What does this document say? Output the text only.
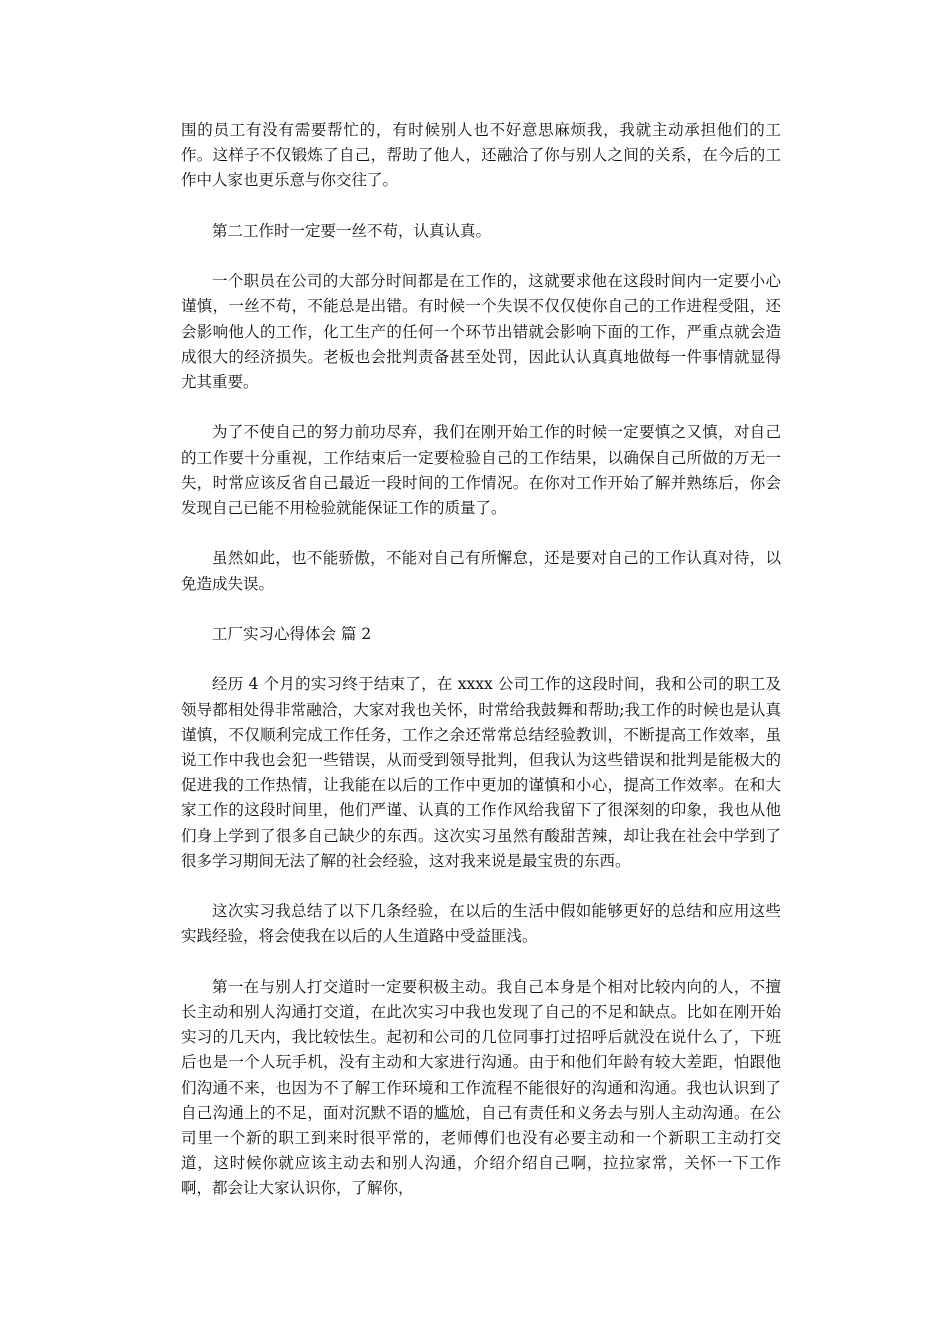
围的员工有没有需要帮忙的，有时候别人也不好意思麻烦我，我就主动承担他们的工作。这样子不仅锻炼了自己，帮助了他人，还融洽了你与别人之间的关系，在今后的工作中人家也更乐意与你交往了。

第二工作时一定要一丝不苟，认真认真。

一个职员在公司的大部分时间都是在工作的，这就要求他在这段时间内一定要小心谨慎，一丝不苟，不能总是出错。有时候一个失误不仅仅使你自己的工作进程受阻，还会影响他人的工作，化工生产的任何一个环节出错就会影响下面的工作，严重点就会造成很大的经济损失。老板也会批判责备甚至处罚，因此认认真真地做每一件事情就显得尤其重要。

为了不使自己的努力前功尽弃，我们在刚开始工作的时候一定要慎之又慎，对自己的工作要十分重视，工作结束后一定要检验自己的工作结果，以确保自己所做的万无一失，时常应该反省自己最近一段时间的工作情况。在你对工作开始了解并熟练后，你会发现自己已能不用检验就能保证工作的质量了。

虽然如此，也不能骄傲，不能对自己有所懈怠，还是要对自己的工作认真对待，以免造成失误。

工厂实习心得体会 篇 2

经历 4 个月的实习终于结束了，在 xxxx 公司工作的这段时间，我和公司的职工及领导都相处得非常融洽，大家对我也关怀，时常给我鼓舞和帮助;我工作的时候也是认真谨慎，不仅顺利完成工作任务，工作之余还常常总结经验教训，不断提高工作效率，虽说工作中我也会犯一些错误，从而受到领导批判，但我认为这些错误和批判是能极大的促进我的工作热情，让我能在以后的工作中更加的谨慎和小心，提高工作效率。在和大家工作的这段时间里，他们严谨、认真的工作作风给我留下了很深刻的印象，我也从他们身上学到了很多自己缺少的东西。这次实习虽然有酸甜苦辣，却让我在社会中学到了很多学习期间无法了解的社会经验，这对我来说是最宝贵的东西。

这次实习我总结了以下几条经验，在以后的生活中假如能够更好的总结和应用这些实践经验，将会使我在以后的人生道路中受益匪浅。

第一在与别人打交道时一定要积极主动。我自己本身是个相对比较内向的人，不擅长主动和别人沟通打交道，在此次实习中我也发现了自己的不足和缺点。比如在刚开始实习的几天内，我比较怯生。起初和公司的几位同事打过招呼后就没在说什么了，下班后也是一个人玩手机，没有主动和大家进行沟通。由于和他们年龄有较大差距，怕跟他们沟通不来，也因为不了解工作环境和工作流程不能很好的沟通和沟通。我也认识到了自己沟通上的不足，面对沉默不语的尴尬，自己有责任和义务去与别人主动沟通。在公司里一个新的职工到来时很平常的，老师傅们也没有必要主动和一个新职工主动打交道，这时候你就应该主动去和别人沟通，介绍介绍自己啊，拉拉家常，关怀一下工作啊，都会让大家认识你，了解你，
